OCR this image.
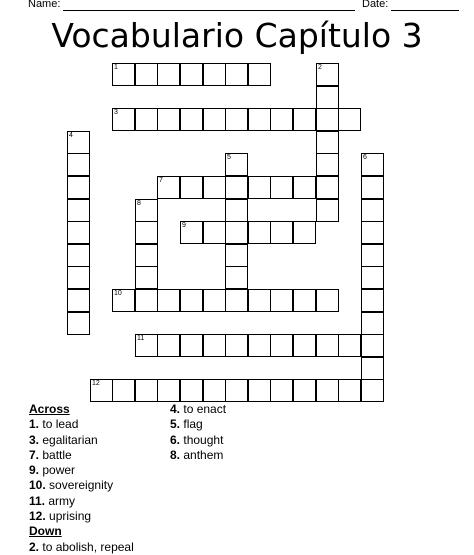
Name:	Date:
Vocabulario Capítulo 3
1	2
3
4
5	6
7
8
9
10
11
12
Across
1. to lead
3. egalitarian
7. battle
9. power
10. sovereignity
11. army
12. uprising
Down
2. to abolish, repeal
4. to enact
5. flag
6. thought
8. anthem
